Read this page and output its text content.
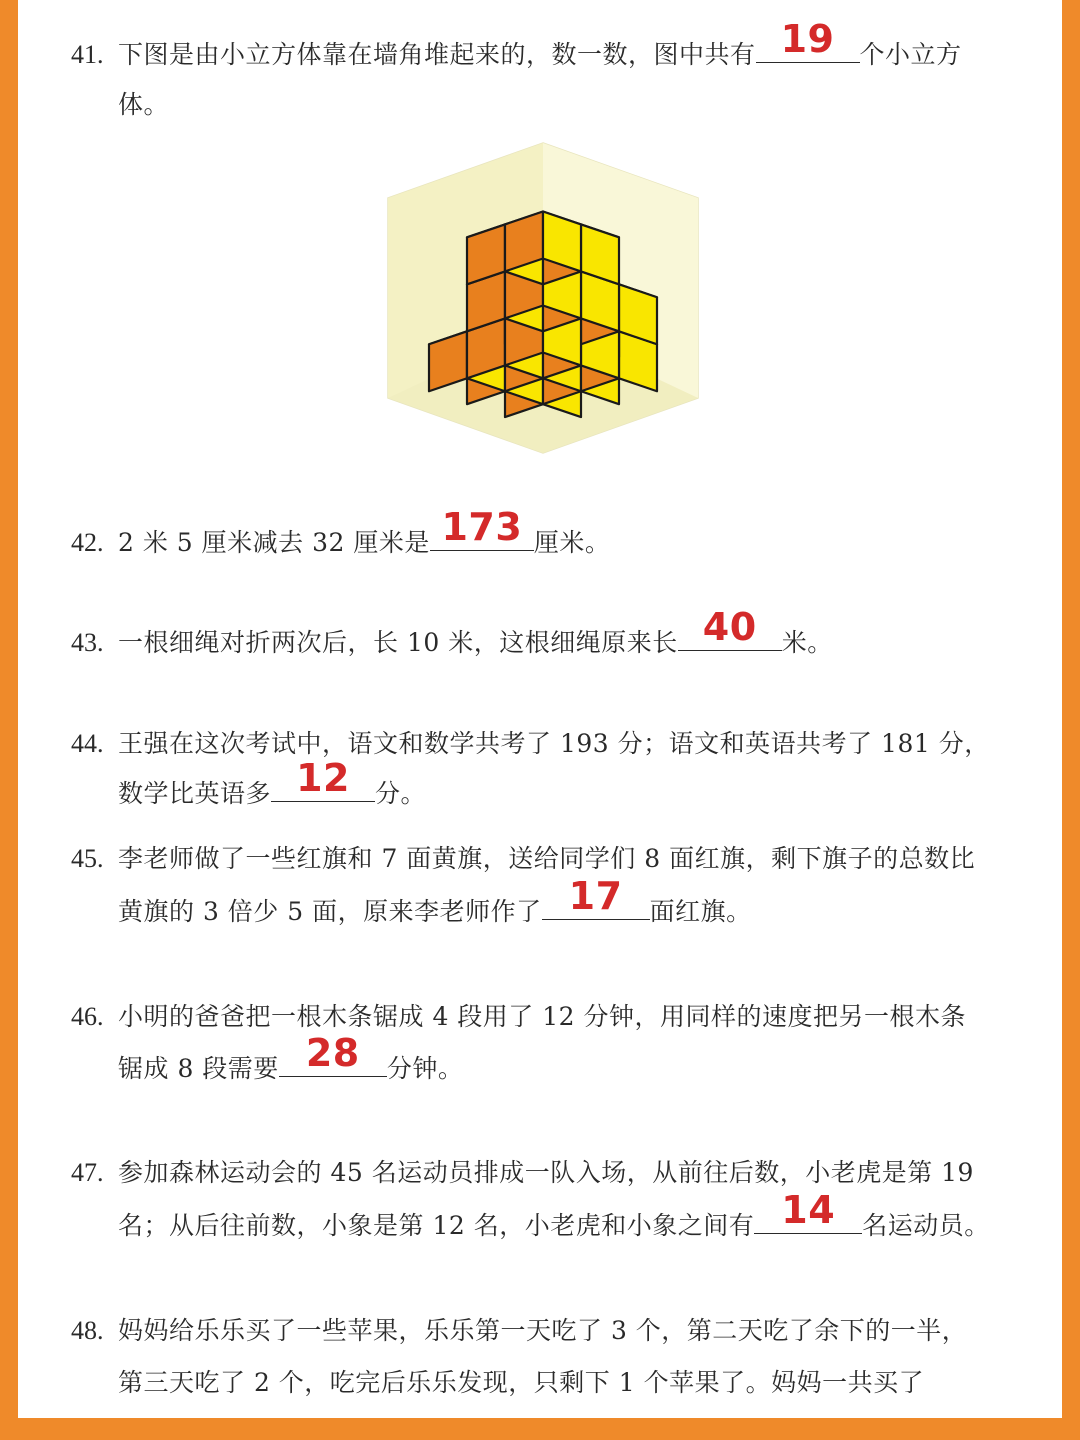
41. 下图是由小立方体靠在墙角堆起来的，数一数，图中共有 19	个小立方
体。
42. 2 米 5 厘米减去 32 厘米是 173 厘米。
43. 一根细绳对折两次后，长 10 米，这根细绳原来长 40	米。
44. 王强在这次考试中，语文和数学共考了 193 分；语文和英语共考了 181 分，
数学比英语多 12	分。
45. 李老师做了一些红旗和 7 面黄旗，送给同学们 8 面红旗，剩下旗子的总数比
黄旗的 3 倍少 5 面，原来李老师作了 17	面红旗。
46. 小明的爸爸把一根木条锯成 4 段用了 12 分钟，用同样的速度把另一根木条
锯成 8 段需要 28	分钟。
47. 参加森林运动会的 45 名运动员排成一队入场，从前往后数，小老虎是第 19
名；从后往前数，小象是第 12 名，小老虎和小象之间有 14	名运动员。
48. 妈妈给乐乐买了一些苹果，乐乐第一天吃了 3 个，第二天吃了余下的一半，
第三天吃了 2 个，吃完后乐乐发现，只剩下 1 个苹果了。妈妈一共买了
